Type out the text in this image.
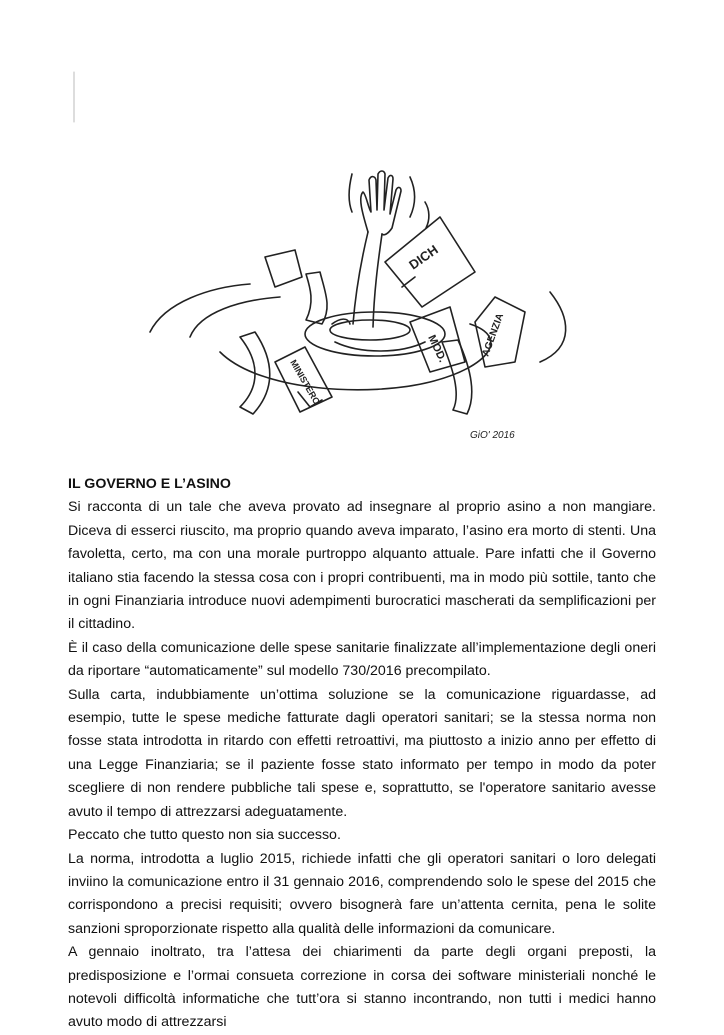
DICH
AGENZIA
MOD.
MINISTERO
GiO' 2016

IL GOVERNO E L’ASINO

Si racconta di un tale che aveva provato ad insegnare al proprio asino a non mangiare. Diceva di esserci riuscito, ma proprio quando aveva imparato, l’asino era morto di stenti. Una favoletta, certo, ma con una morale purtroppo alquanto attuale. Pare infatti che il Governo italiano stia facendo la stessa cosa con i propri contribuenti, ma in modo più sottile, tanto che in ogni Finanziaria introduce nuovi adempimenti burocratici mascherati da semplificazioni per il cittadino.

È il caso della comunicazione delle spese sanitarie finalizzate all’implementazione degli oneri da riportare “automaticamente” sul modello 730/2016 precompilato.

Sulla carta, indubbiamente un’ottima soluzione se la comunicazione riguardasse, ad esempio, tutte le spese mediche fatturate dagli operatori sanitari; se la stessa norma non fosse stata introdotta in ritardo con effetti retroattivi, ma piuttosto a inizio anno per effetto di una Legge Finanziaria; se il paziente fosse stato informato per tempo in modo da poter scegliere di non rendere pubbliche tali spese e, soprattutto, se l'operatore sanitario avesse avuto il tempo di attrezzarsi adeguatamente.

Peccato che tutto questo non sia successo.

La norma, introdotta a luglio 2015, richiede infatti che gli operatori sanitari o loro delegati inviino la comunicazione entro il 31 gennaio 2016, comprendendo solo le spese del 2015 che corrispondono a precisi requisiti; ovvero bisognerà fare un’attenta cernita, pena le solite sanzioni sproporzionate rispetto alla qualità delle informazioni da comunicare.

A gennaio inoltrato, tra l’attesa dei chiarimenti da parte degli organi preposti, la predisposizione e l’ormai consueta correzione in corsa dei software ministeriali nonché le notevoli difficoltà informatiche che tutt’ora si stanno incontrando, non tutti i medici hanno avuto modo di attrezzarsi
